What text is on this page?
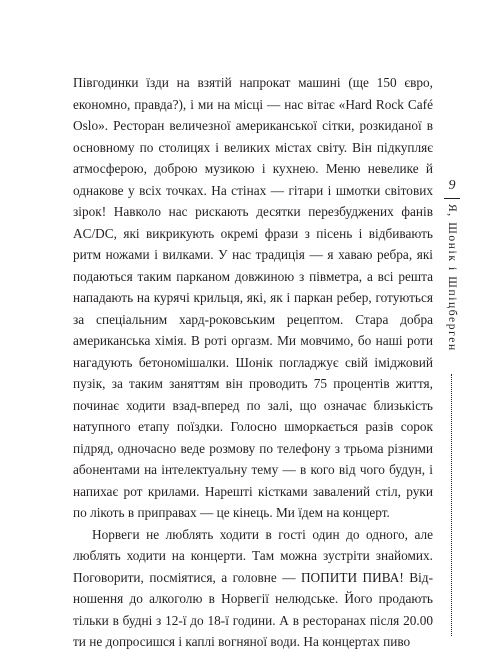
Півгодинки їзди на взятій напрокат машині (ще 150 євро, економно, правда?), і ми на місці — нас вітає «Hard Rock Café Oslo». Ресторан величезної американської сітки, розкиданої в основному по столицях і великих містах світу. Він підкупляє атмосферою, доброю музикою і кухнею. Меню невелике й однакове у всіх точках. На стінах — гітари і шмотки світових зірок! Навколо нас рискають десятки перезбуджених фанів AC/DC, які викрикують окремі фрази з пісень і відбивають ритм ножами і вилками. У нас традиція — я хаваю ребра, які подаються таким парканом довжиною з півметра, а всі решта нападають на курячі крильця, які, як і паркан ребер, готуються за спеціальним хард-роковським рецептом. Стара добра американська хімія. В роті оргазм. Ми мовчимо, бо наші роти нагадують бетономішалки. Шонік погладжує свій іміджовий пузік, за таким заняттям він проводить 75 процентів життя, починає ходити взад-вперед по залі, що означає близькість натупного етапу поїздки. Голосно шморкається разів сорок підряд, одночасно веде розмову по телефону з трьома різними абонентами на інтелектуальну тему — в кого від чого будун, і напихає рот крилами. Нарешті кістками завалений стіл, руки по лікоть в приправах — це кінець. Ми їдем на концерт.

Норвеги не люблять ходити в гості один до одного, але люблять ходити на концерти. Там можна зустріти знайомих. Поговорити, посміятися, а головне — ПОПИТИ ПИВА! Відношення до алкоголю в Норвегії нелюдське. Його продають тільки в будні з 12-ї до 18-ї години. А в ресторанах після 20.00 ти не допросишся і каплі вогняної води. На концертах пиво

9
Я, Шонік і Шпіцберген
